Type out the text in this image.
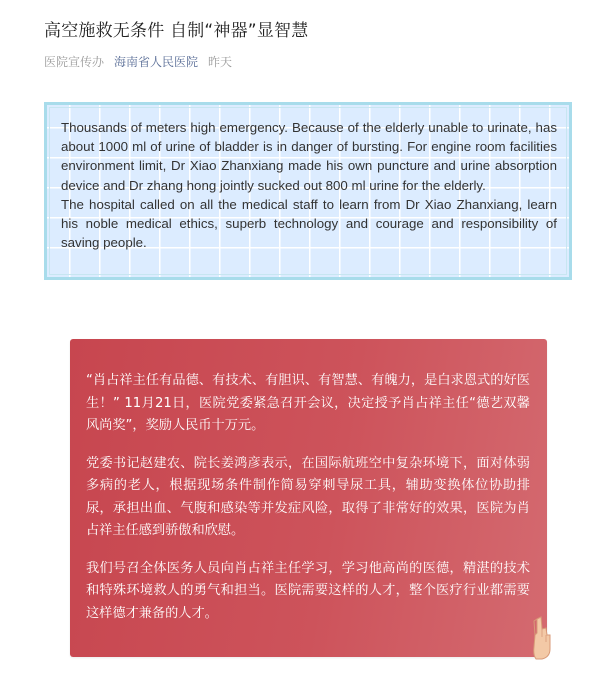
高空施救无条件 自制“神器”显智慧
医院宣传办 海南省人民医院 昨天

Thousands of meters high emergency. Because of the elderly unable to urinate, has about 1000 ml of urine of bladder is in danger of bursting. For engine room facilities environment limit, Dr Xiao Zhanxiang made his own puncture and urine absorption device and Dr zhang hong jointly sucked out 800 ml urine for the elderly.

The hospital called on all the medical staff to learn from Dr Xiao Zhanxiang, learn his noble medical ethics, superb technology and courage and responsibility of saving people.

“肖占祥主任有品德、有技术、有胆识、有智慧、有魄力，是白求恩式的好医生！” 11月21日，医院党委紧急召开会议，决定授予肖占祥主任“德艺双馨风尚奖”，奖励人民币十万元。

党委书记赵建农、院长姜鸿彦表示，在国际航班空中复杂环境下，面对体弱多病的老人，根据现场条件制作简易穿刺导尿工具，辅助变换体位协助排尿，承担出血、气腹和感染等并发症风险，取得了非常好的效果，医院为肖占祥主任感到骄傲和欣慰。

我们号召全体医务人员向肖占祥主任学习，学习他高尚的医德，精湛的技术和特殊环境救人的勇气和担当。医院需要这样的人才，整个医疗行业都需要这样德才兼备的人才。
